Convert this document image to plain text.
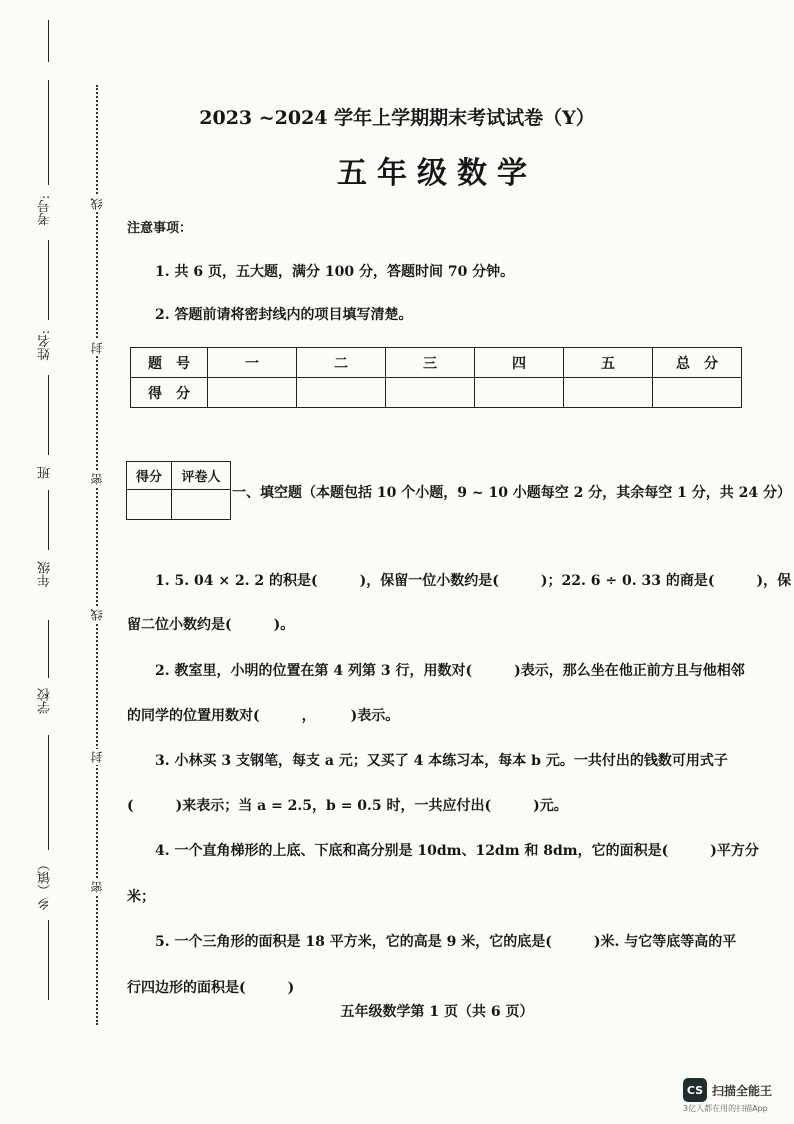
考号:
姓名:
班
年级
学校
乡（镇）
线
封
密
线
封
密
2023 ~2024 学年上学期期末考试试卷（Y）
五年级数学
注意事项：
1. 共 6 页，五大题，满分 100 分，答题时间 70 分钟。
2. 答题前请将密封线内的项目填写清楚。
题　号	一	二	三	四	五	总　分
得　分						
得分	评卷人

一、填空题（本题包括 10 个小题，9 ~ 10 小题每空 2 分，其余每空 1 分，共 24 分）
1. 5. 04 × 2. 2 的积是(　　　)，保留一位小数约是(　　　)；22. 6 ÷ 0. 33 的商是(　　　)，保
留二位小数约是(　　　)。
2. 教室里，小明的位置在第 4 列第 3 行，用数对(　　　)表示，那么坐在他正前方且与他相邻
的同学的位置用数对(　　　，　　　)表示。
3. 小林买 3 支钢笔，每支 a 元；又买了 4 本练习本，每本 b 元。一共付出的钱数可用式子
(　　　)来表示；当 a = 2.5，b = 0.5 时，一共应付出(　　　)元。
4. 一个直角梯形的上底、下底和高分别是 10dm、12dm 和 8dm，它的面积是(　　　)平方分
米；
5. 一个三角形的面积是 18 平方米，它的高是 9 米，它的底是(　　　)米. 与它等底等高的平
行四边形的面积是(　　　)
五年级数学第 1 页（共 6 页）
CS 扫描全能王
3亿人都在用的扫描App
